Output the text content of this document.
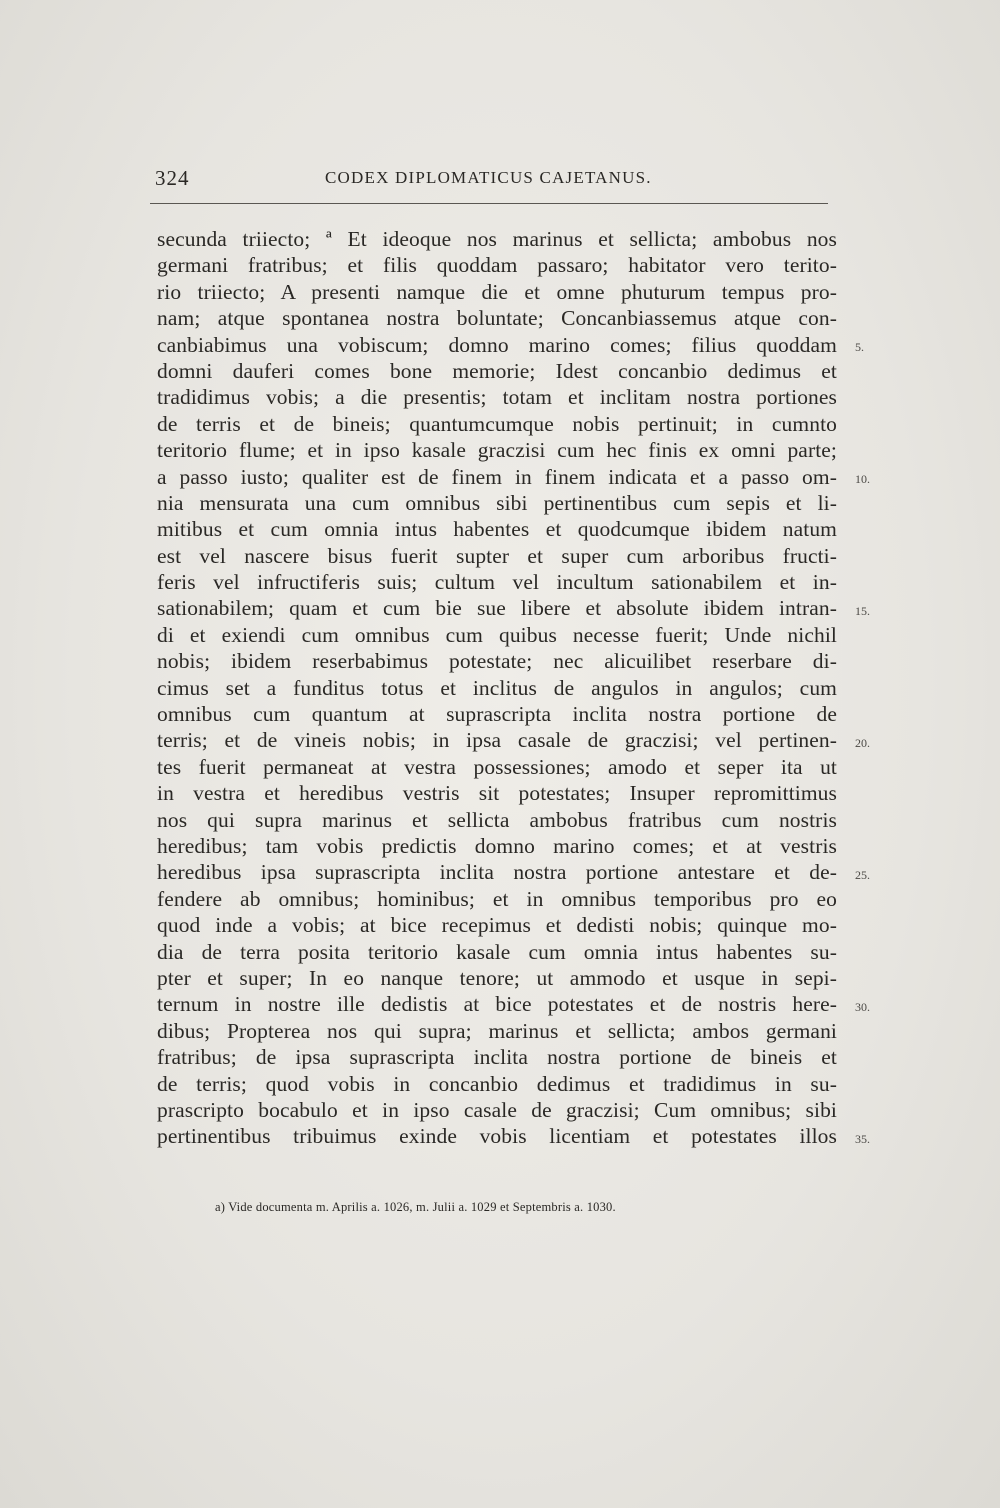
324	CODEX DIPLOMATICUS CAJETANUS.
secunda triiecto; ª Et ideoque nos marinus et sellicta; ambobus nos
germani fratribus; et filis quoddam passaro; habitator vero terito-
rio triiecto; A presenti namque die et omne phuturum tempus pro-
nam; atque spontanea nostra boluntate; Concanbiassemus atque con-
canbiabimus una vobiscum; domno marino comes; filius quoddam
domni dauferi comes bone memorie; Idest concanbio dedimus et
tradidimus vobis; a die presentis; totam et inclitam nostra portiones
de terris et de bineis; quantumcumque nobis pertinuit; in cumnto
teritorio flume; et in ipso kasale graczisi cum hec finis ex omni parte;
a passo iusto; qualiter est de finem in finem indicata et a passo om-
nia mensurata una cum omnibus sibi pertinentibus cum sepis et li-
mitibus et cum omnia intus habentes et quodcumque ibidem natum
est vel nascere bisus fuerit supter et super cum arboribus fructi-
feris vel infructiferis suis; cultum vel incultum sationabilem et in-
sationabilem; quam et cum bie sue libere et absolute ibidem intran-
di et exiendi cum omnibus cum quibus necesse fuerit; Unde nichil
nobis; ibidem reserbabimus potestate; nec alicuilibet reserbare di-
cimus set a funditus totus et inclitus de angulos in angulos; cum
omnibus cum quantum at suprascripta inclita nostra portione de
terris; et de vineis nobis; in ipsa casale de graczisi; vel pertinen-
tes fuerit permaneat at vestra possessiones; amodo et seper ita ut
in vestra et heredibus vestris sit potestates; Insuper repromittimus
nos qui supra marinus et sellicta ambobus fratribus cum nostris
heredibus; tam vobis predictis domno marino comes; et at vestris
heredibus ipsa suprascripta inclita nostra portione antestare et de-
fendere ab omnibus; hominibus; et in omnibus temporibus pro eo
quod inde a vobis; at bice recepimus et dedisti nobis; quinque mo-
dia de terra posita teritorio kasale cum omnia intus habentes su-
pter et super; In eo nanque tenore; ut ammodo et usque in sepi-
ternum in nostre ille dedistis at bice potestates et de nostris here-
dibus; Propterea nos qui supra; marinus et sellicta; ambos germani
fratribus; de ipsa suprascripta inclita nostra portione de bineis et
de terris; quod vobis in concanbio dedimus et tradidimus in su-
prascripto bocabulo et in ipso casale de graczisi; Cum omnibus; sibi
pertinentibus tribuimus exinde vobis licentiam et potestates illos
5.
10.
15.
20.
25.
30.
35.
a) Vide documenta m. Aprilis a. 1026, m. Julii a. 1029 et Septembris a. 1030.
